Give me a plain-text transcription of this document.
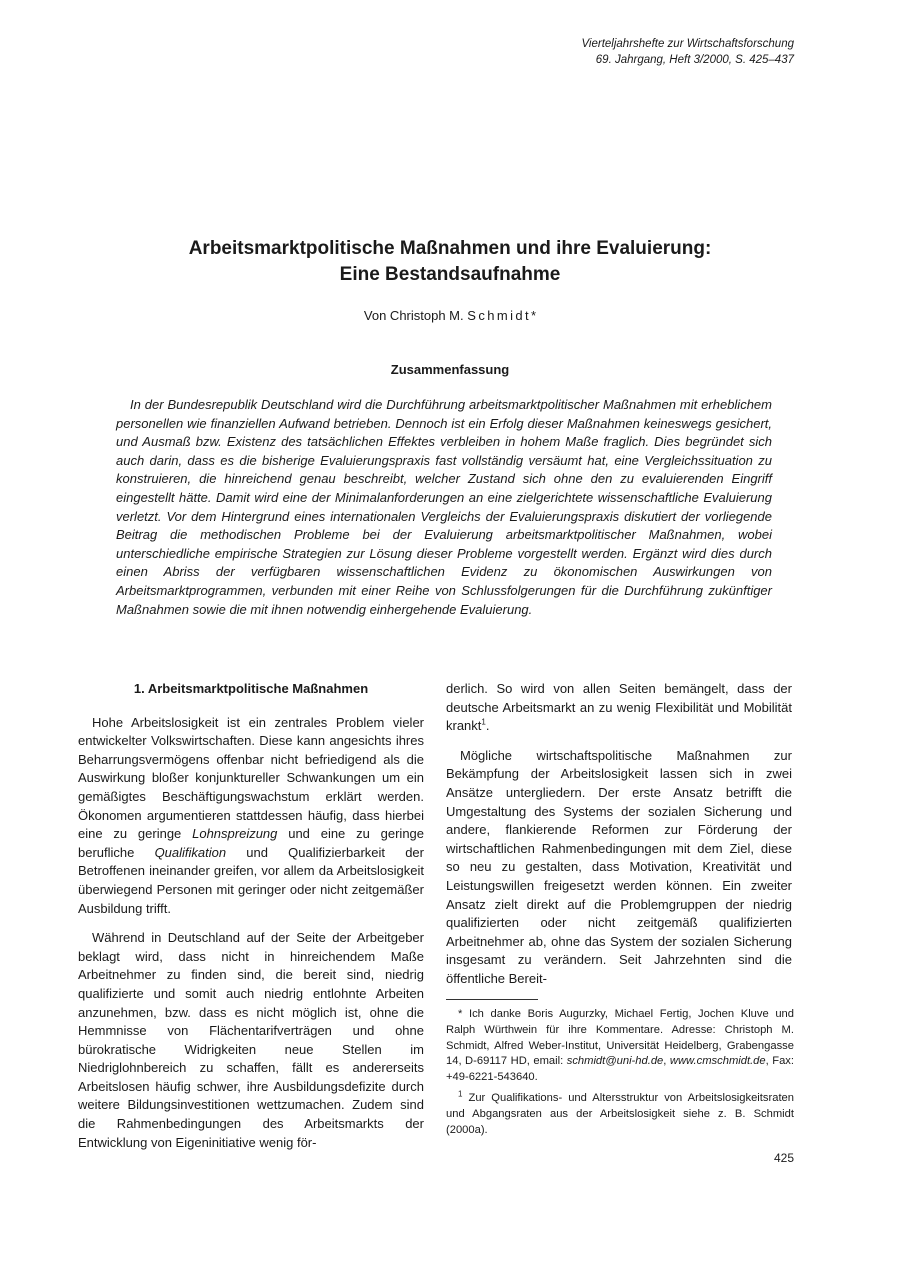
Vierteljahrshefte zur Wirtschaftsforschung
69. Jahrgang, Heft 3/2000, S. 425–437
Arbeitsmarktpolitische Maßnahmen und ihre Evaluierung:
Eine Bestandsaufnahme
Von Christoph M. Schmidt*
Zusammenfassung

In der Bundesrepublik Deutschland wird die Durchführung arbeitsmarktpolitischer Maßnahmen mit erheblichem personellen wie finanziellen Aufwand betrieben. Dennoch ist ein Erfolg dieser Maßnahmen keineswegs gesichert, und Ausmaß bzw. Existenz des tatsächlichen Effektes verbleiben in hohem Maße fraglich. Dies begründet sich auch darin, dass es die bisherige Evaluierungspraxis fast vollständig versäumt hat, eine Vergleichssituation zu konstruieren, die hinreichend genau beschreibt, welcher Zustand sich ohne den zu evaluierenden Eingriff eingestellt hätte. Damit wird eine der Minimalanforderungen an eine zielgerichtete wissenschaftliche Evaluierung verletzt. Vor dem Hintergrund eines internationalen Vergleichs der Evaluierungspraxis diskutiert der vorliegende Beitrag die methodischen Probleme bei der Evaluierung arbeitsmarktpolitischer Maßnahmen, wobei unterschiedliche empirische Strategien zur Lösung dieser Probleme vorgestellt werden. Ergänzt wird dies durch einen Abriss der verfügbaren wissenschaftlichen Evidenz zu ökonomischen Auswirkungen von Arbeitsmarktprogrammen, verbunden mit einer Reihe von Schlussfolgerungen für die Durchführung zukünftiger Maßnahmen sowie die mit ihnen notwendig einhergehende Evaluierung.

1. Arbeitsmarktpolitische Maßnahmen

Hohe Arbeitslosigkeit ist ein zentrales Problem vieler entwickelter Volkswirtschaften. Diese kann angesichts ihres Beharrungsvermögens offenbar nicht befriedigend als die Auswirkung bloßer konjunktureller Schwankungen um ein gemäßigtes Beschäftigungswachstum erklärt werden. Ökonomen argumentieren stattdessen häufig, dass hierbei eine zu geringe Lohnspreizung und eine zu geringe berufliche Qualifikation und Qualifizierbarkeit der Betroffenen ineinander greifen, vor allem da Arbeitslosigkeit überwiegend Personen mit geringer oder nicht zeitgemäßer Ausbildung trifft.

Während in Deutschland auf der Seite der Arbeitgeber beklagt wird, dass nicht in hinreichendem Maße Arbeitnehmer zu finden sind, die bereit sind, niedrig qualifizierte und somit auch niedrig entlohnte Arbeiten anzunehmen, bzw. dass es nicht möglich ist, ohne die Hemmnisse von Flächentarifverträgen und ohne bürokratische Widrigkeiten neue Stellen im Niedriglohnbereich zu schaffen, fällt es andererseits Arbeitslosen häufig schwer, ihre Ausbildungsdefizite durch weitere Bildungsinvestitionen wettzumachen. Zudem sind die Rahmenbedingungen des Arbeitsmarkts der Entwicklung von Eigeninitiative wenig för-

derlich. So wird von allen Seiten bemängelt, dass der deutsche Arbeitsmarkt an zu wenig Flexibilität und Mobilität krankt$^1$.

Mögliche wirtschaftspolitische Maßnahmen zur Bekämpfung der Arbeitslosigkeit lassen sich in zwei Ansätze untergliedern. Der erste Ansatz betrifft die Umgestaltung des Systems der sozialen Sicherung und andere, flankierende Reformen zur Förderung der wirtschaftlichen Rahmenbedingungen mit dem Ziel, diese so neu zu gestalten, dass Motivation, Kreativität und Leistungswillen freigesetzt werden können. Ein zweiter Ansatz zielt direkt auf die Problemgruppen der niedrig qualifizierten oder nicht zeitgemäß qualifizierten Arbeitnehmer ab, ohne das System der sozialen Sicherung insgesamt zu verändern. Seit Jahrzehnten sind die öffentliche Bereit-

* Ich danke Boris Augurzky, Michael Fertig, Jochen Kluve und Ralph Würthwein für ihre Kommentare. Adresse: Christoph M. Schmidt, Alfred Weber-Institut, Universität Heidelberg, Grabengasse 14, D-69117 HD, email: schmidt@uni-hd.de, www.cmschmidt.de, Fax: +49-6221-543640.

$^1$ Zur Qualifikations- und Altersstruktur von Arbeitslosigkeitsraten und Abgangsraten aus der Arbeitslosigkeit siehe z. B. Schmidt (2000a).

425
